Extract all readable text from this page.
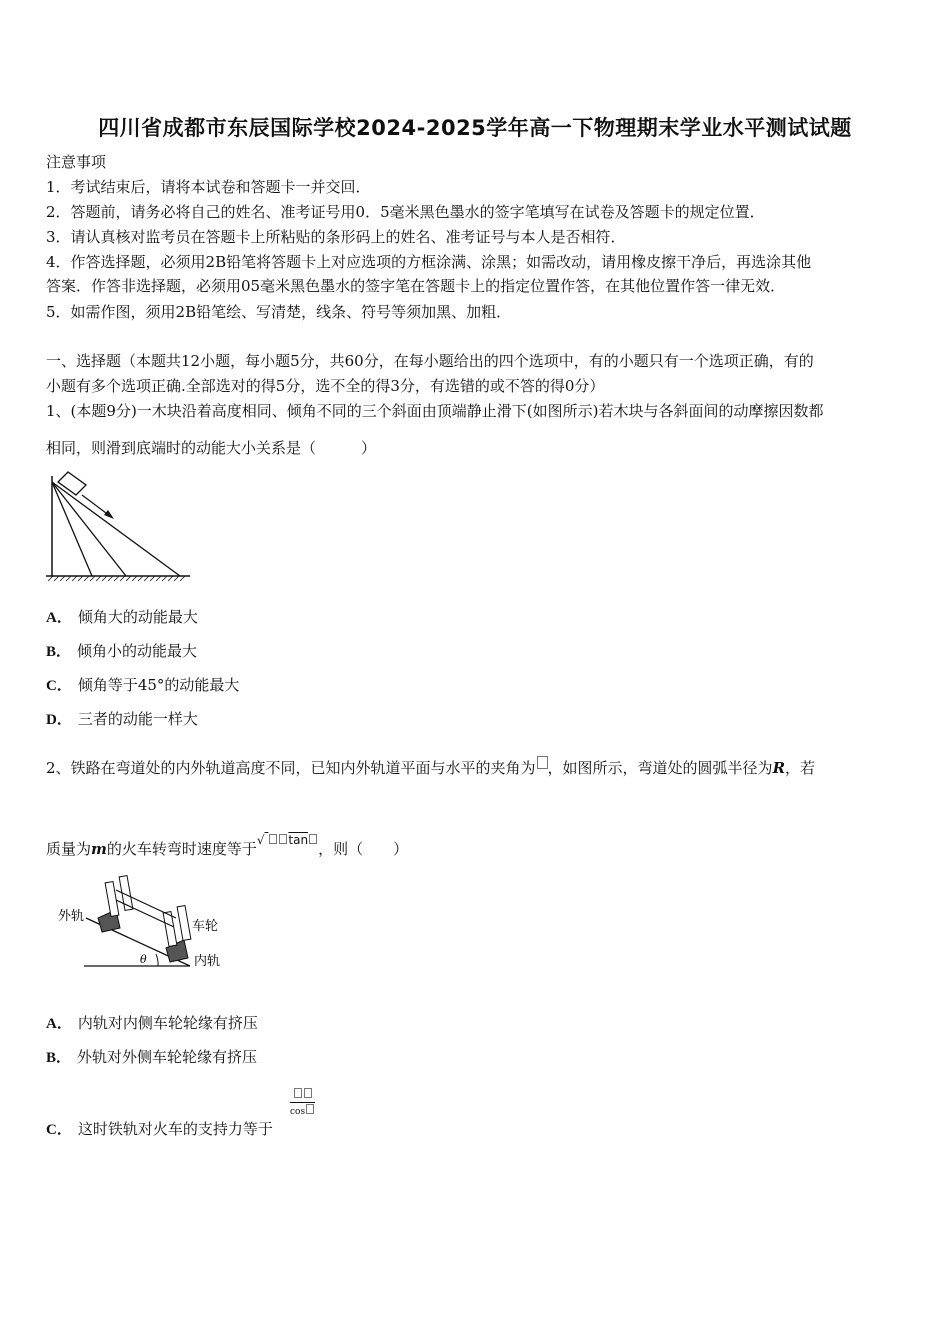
四川省成都市东辰国际学校2024-2025学年高一下物理期末学业水平测试试题
注意事项
1．考试结束后，请将本试卷和答题卡一并交回．
2．答题前，请务必将自己的姓名、准考证号用0．5毫米黑色墨水的签字笔填写在试卷及答题卡的规定位置．
3．请认真核对监考员在答题卡上所粘贴的条形码上的姓名、准考证号与本人是否相符．
4．作答选择题，必须用2B铅笔将答题卡上对应选项的方框涂满、涂黑；如需改动，请用橡皮擦干净后，再选涂其他
答案．作答非选择题，必须用05毫米黑色墨水的签字笔在答题卡上的指定位置作答，在其他位置作答一律无效．
5．如需作图，须用2B铅笔绘、写清楚，线条、符号等须加黑、加粗．
一、选择题（本题共12小题，每小题5分，共60分，在每小题给出的四个选项中，有的小题只有一个选项正确，有的
小题有多个选项正确.全部选对的得5分，选不全的得3分，有选错的或不答的得0分）
1、(本题9分)一木块沿着高度相同、倾角不同的三个斜面由顶端静止滑下(如图所示)若木块与各斜面间的动摩擦因数都
相同，则滑到底端时的动能大小关系是（　　　）
A． 倾角大的动能最大
B． 倾角小的动能最大
C． 倾角等于45°的动能最大
D． 三者的动能一样大
2、铁路在弯道处的内外轨道高度不同，已知内外轨道平面与水平的夹角为 ，如图所示，弯道处的圆弧半径为R，若
质量为m的火车转弯时速度等于$^{√ tan}$ ，则（　　）
θ
外轨
车轮
内轨
A． 内轨对内侧车轮轮缘有挤压
B． 外轨对外侧车轮轮缘有挤压
C． 这时铁轨对火车的支持力等于
cos
